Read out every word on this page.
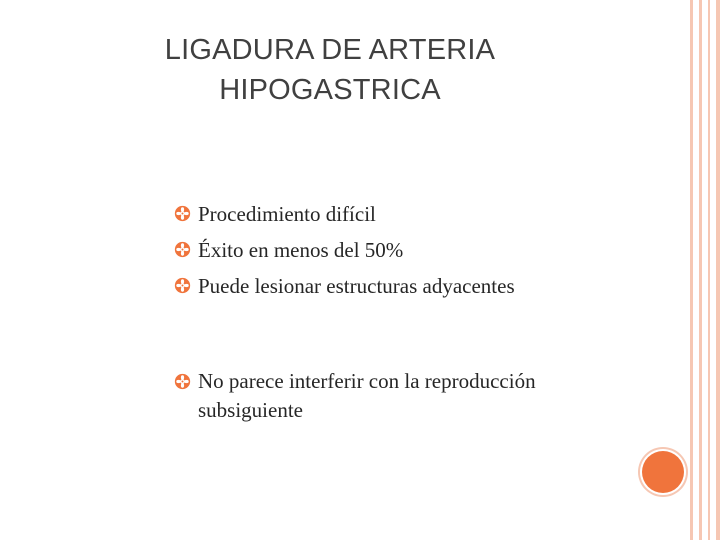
LIGADURA DE ARTERIA
HIPOGASTRICA
Procedimiento difícil
Éxito en menos del 50%
Puede lesionar estructuras adyacentes
No parece interferir con la reproducción subsiguiente
